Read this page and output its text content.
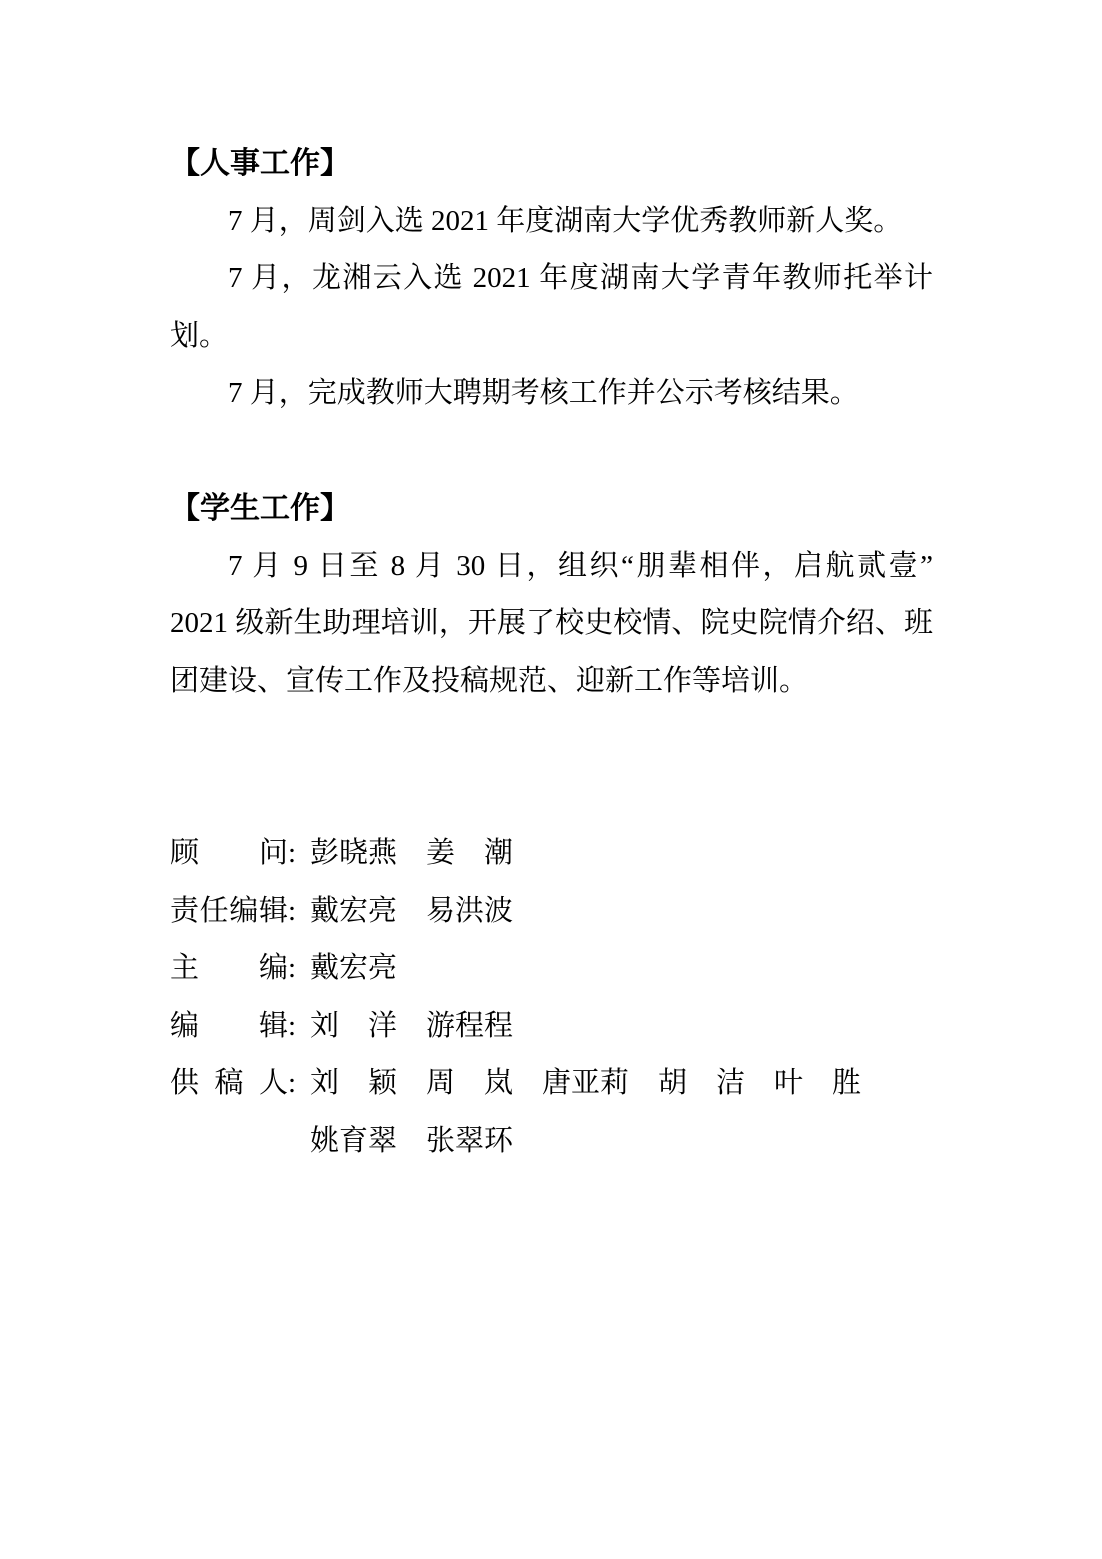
【人事工作】
7 月，周剑入选 2021 年度湖南大学优秀教师新人奖。
7 月，龙湘云入选 2021 年度湖南大学青年教师托举计
划。
7 月，完成教师大聘期考核工作并公示考核结果。
【学生工作】
7 月 9 日至 8 月 30 日，组织“朋辈相伴，启航贰壹”
2021 级新生助理培训，开展了校史校情、院史院情介绍、班
团建设、宣传工作及投稿规范、迎新工作等培训。
顾问 : 彭晓燕　姜　潮
责任编辑 : 戴宏亮　易洪波
主编 : 戴宏亮
编辑 : 刘　洋　游程程
供稿人 : 刘　颖　周　岚　唐亚莉　胡　洁　叶　胜
姚育翠　张翠环
